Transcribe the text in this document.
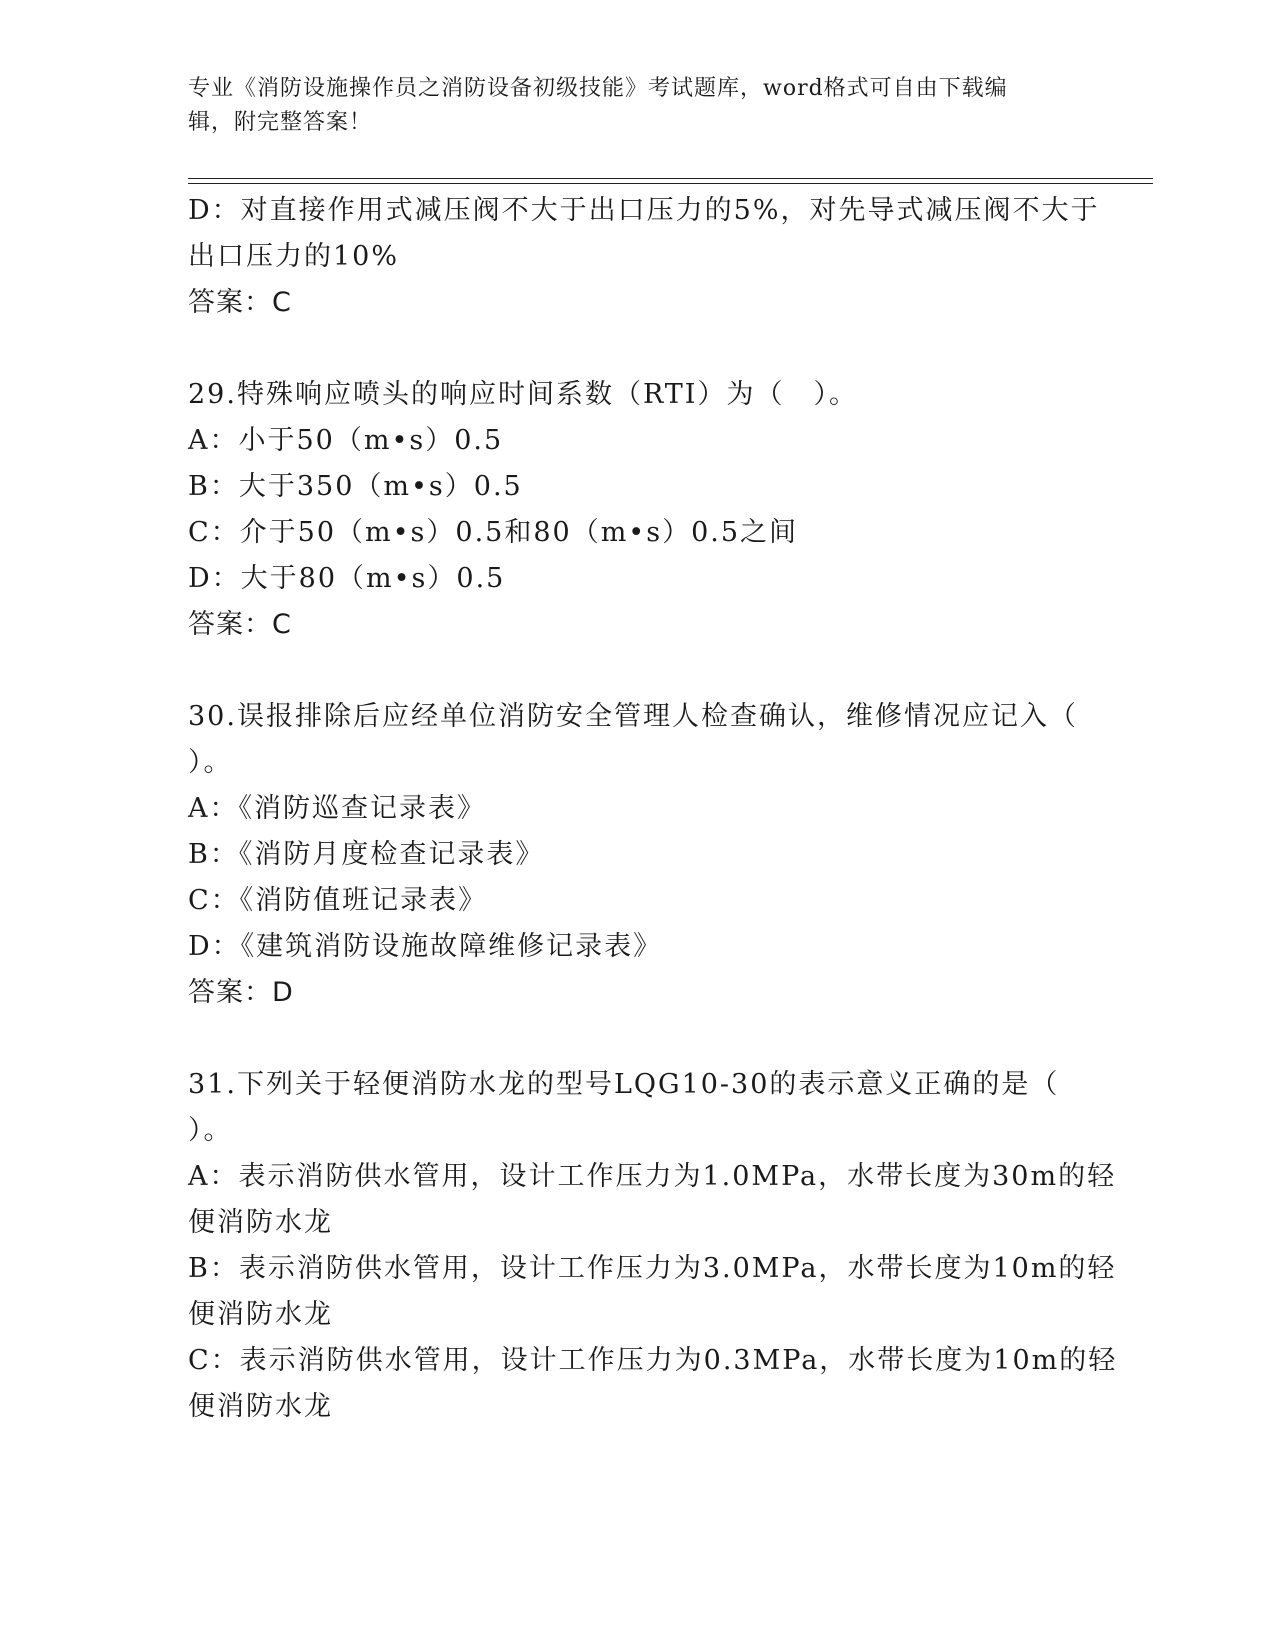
专业《消防设施操作员之消防设备初级技能》考试题库，word格式可自由下载编
辑，附完整答案！
D：对直接作用式减压阀不大于出口压力的5%，对先导式减压阀不大于
出口压力的10%
答案：C
29.特殊响应喷头的响应时间系数（RTI）为（　）。
A：小于50（m•s）0.5
B：大于350（m•s）0.5
C：介于50（m•s）0.5和80（m•s）0.5之间
D：大于80（m•s）0.5
答案：C
30.误报排除后应经单位消防安全管理人检查确认，维修情况应记入（
）。
A：《消防巡查记录表》
B：《消防月度检查记录表》
C：《消防值班记录表》
D：《建筑消防设施故障维修记录表》
答案：D
31.下列关于轻便消防水龙的型号LQG10-30的表示意义正确的是（
）。
A：表示消防供水管用，设计工作压力为1.0MPa，水带长度为30m的轻
便消防水龙
B：表示消防供水管用，设计工作压力为3.0MPa，水带长度为10m的轻
便消防水龙
C：表示消防供水管用，设计工作压力为0.3MPa，水带长度为10m的轻
便消防水龙
